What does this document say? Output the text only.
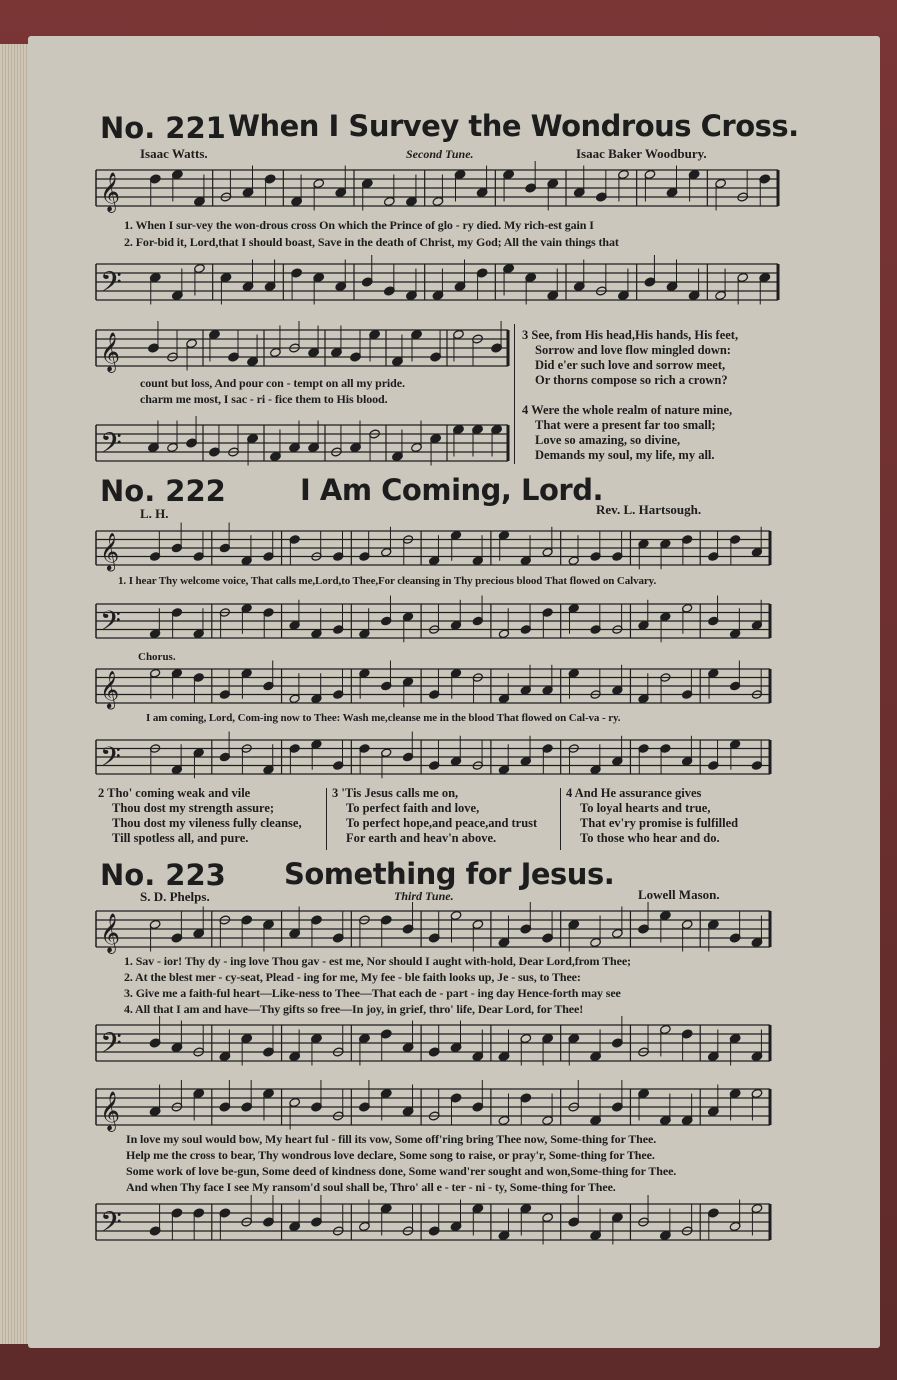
No. 221 When I Survey the Wondrous Cross.
Isaac Watts.	Second Tune.	Isaac Baker Woodbury.
𝄞
1. When I sur-vey the won-drous cross On which the Prince of glo - ry died. My rich-est gain I
2. For-bid it, Lord,that I should boast, Save in the death of Christ, my God; All the vain things that
𝄢
𝄞
count but loss, And pour con - tempt on all my pride.
charm me most, I sac - ri - fice them to His blood.
𝄢
3 See, from His head,His hands, His feet,
Sorrow and love flow mingled down:
Did e'er such love and sorrow meet,
Or thorns compose so rich a crown?
4 Were the whole realm of nature mine,
That were a present far too small;
Love so amazing, so divine,
Demands my soul, my life, my all.
No. 222	I Am Coming, Lord.
L. H.	Rev. L. Hartsough.
𝄞
1. I hear Thy welcome voice, That calls me,Lord,to Thee,For cleansing in Thy precious blood That flowed on Calvary.
𝄢
Chorus.
𝄞
I am coming, Lord, Com-ing now to Thee: Wash me,cleanse me in the blood That flowed on Cal-va - ry.
𝄢
2 Tho' coming weak and vile
Thou dost my strength assure;
Thou dost my vileness fully cleanse,
Till spotless all, and pure.
3 'Tis Jesus calls me on,
To perfect faith and love,
To perfect hope,and peace,and trust
For earth and heav'n above.
4 And He assurance gives
To loyal hearts and true,
That ev'ry promise is fulfilled
To those who hear and do.
No. 223 Something for Jesus.
S. D. Phelps.	Third Tune.	Lowell Mason.
𝄞
1. Sav - ior! Thy dy - ing love Thou gav - est me, Nor should I aught with-hold, Dear Lord,from Thee;
2. At the blest mer - cy-seat, Plead - ing for me, My fee - ble faith looks up, Je - sus, to Thee:
3. Give me a faith-ful heart—Like-ness to Thee—That each de - part - ing day Hence-forth may see
4. All that I am and have—Thy gifts so free—In joy, in grief, thro' life, Dear Lord, for Thee!
𝄢
𝄞
In love my soul would bow, My heart ful - fill its vow, Some off'ring bring Thee now, Some-thing for Thee.
Help me the cross to bear, Thy wondrous love declare, Some song to raise, or pray'r, Some-thing for Thee.
Some work of love be-gun, Some deed of kindness done, Some wand'rer sought and won,Some-thing for Thee.
And when Thy face I see My ransom'd soul shall be, Thro' all e - ter - ni - ty, Some-thing for Thee.
𝄢
